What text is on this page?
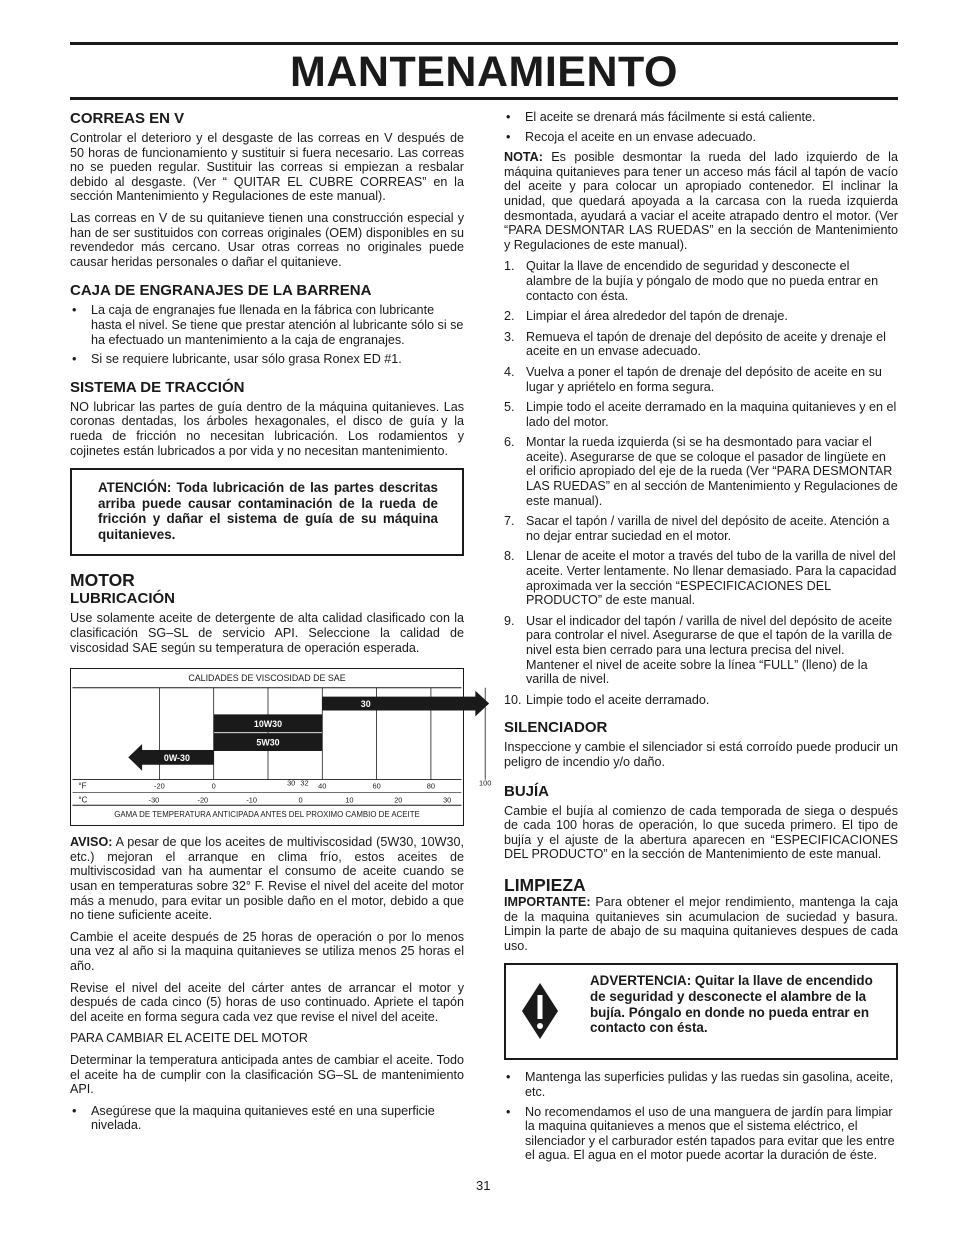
MANTENAMIENTO
CORREAS EN V

Controlar el deterioro y el desgaste de las correas en V después de 50 horas de funcionamiento y sustituir si fuera necesario. Las correas no se pueden regular. Sustituir las correas si empiezan a resbalar debido al desgaste. (Ver “ QUITAR EL CUBRE CORREAS” en la sección Mantenimiento y Regulaciones de este manual).

Las correas en V de su quitanieve tienen una construcción especial y han de ser sustituidos con correas originales (OEM) disponibles en su revendedor más cercano. Usar otras correas no originales puede causar heridas personales o dañar el quitanieve.

CAJA DE ENGRANAJES DE LA BARRENA
• La caja de engranajes fue llenada en la fábrica con lubricante hasta el nivel. Se tiene que prestar atención al lubricante sólo si se ha efectuado un mantenimiento a la caja de engranajes.
• Si se requiere lubricante, usar sólo grasa Ronex ED #1.
SISTEMA DE TRACCIÓN

NO lubricar las partes de guía dentro de la máquina quitanieves. Las coronas dentadas, los árboles hexagonales, el disco de guía y la rueda de fricción no necesitan lubricación. Los rodamientos y cojinetes están lubricados a por vida y no necesitan mantenimiento.

ATENCIÓN: Toda lubricación de las partes descritas arriba puede causar contaminación de la rueda de fricción y dañar el sistema de guía de su máquina quitanieves.

MOTOR
LUBRICACIÓN

Use solamente aceite de detergente de alta calidad clasificado con la clasificación SG–SL de servicio API. Seleccione la calidad de viscosidad SAE según su temperatura de operación esperada.

CALIDADES DE VISCOSIDAD DE SAE
0W-30
10W30
5W30
30
°F	-20	0	30 32 40	60	80	100
°C	-30	-20	-10	0	10	20	30
GAMA DE TEMPERATURA ANTICIPADA ANTES DEL PROXIMO CAMBIO DE ACEITE

AVISO: A pesar de que los aceites de multiviscosidad (5W30, 10W30, etc.) mejoran el arranque en clima frío, estos aceites de multiviscosidad van ha aumentar el consumo de aceite cuando se usan en temperaturas sobre 32° F. Revise el nivel del aceite del motor más a menudo, para evitar un posible daño en el motor, debido a que no tiene suficiente aceite.

Cambie el aceite después de 25 horas de operación o por lo menos una vez al año si la maquina quitanieves se utiliza menos 25 horas el año.

Revise el nivel del aceite del cárter antes de arrancar el motor y después de cada cinco (5) horas de uso continuado. Apriete el tapón del aceite en forma segura cada vez que revise el nivel del aceite.

PARA CAMBIAR EL ACEITE DEL MOTOR

Determinar la temperatura anticipada antes de cambiar el aceite. Todo el aceite ha de cumplir con la clasificación SG–SL de mantenimiento API.

• Asegúrese que la maquina quitanieves esté en una superficie nivelada.
• El aceite se drenará más fácilmente si está caliente.
• Recoja el aceite en un envase adecuado.

NOTA: Es posible desmontar la rueda del lado izquierdo de la máquina quitanieves para tener un acceso más fácil al tapón de vacío del aceite y para colocar un apropiado contenedor. El inclinar la unidad, que quedará apoyada a la carcasa con la rueda izquierda desmontada, ayudará a vaciar el aceite atrapado dentro el motor. (Ver “PARA DESMONTAR LAS RUEDAS” en la sección de Mantenimiento y Regulaciones de este manual).

1. Quitar la llave de encendido de seguridad y desconecte el alambre de la bujía y póngalo de modo que no pueda entrar en contacto con ésta.
2. Limpiar el área alrededor del tapón de drenaje.
3. Remueva el tapón de drenaje del depósito de aceite y drenaje el aceite en un envase adecuado.
4. Vuelva a poner el tapón de drenaje del depósito de aceite en su lugar y apriételo en forma segura.
5. Limpie todo el aceite derramado en la maquina quitanieves y en el lado del motor.
6. Montar la rueda izquierda (si se ha desmontado para vaciar el aceite). Asegurarse de que se coloque el pasador de lingüete en el orificio apropiado del eje de la rueda (Ver “PARA DESMONTAR LAS RUEDAS” en al sección de Mantenimiento y Regulaciones de este manual).
7. Sacar el tapón / varilla de nivel del depósito de aceite. Atención a no dejar entrar suciedad en el motor.
8. Llenar de aceite el motor a través del tubo de la varilla de nivel del aceite. Verter lentamente. No llenar demasiado. Para la capacidad aproximada ver la sección “ESPECIFICACIONES DEL PRODUCTO” de este manual.
9. Usar el indicador del tapón / varilla de nivel del depósito de aceite para controlar el nivel. Asegurarse de que el tapón de la varilla de nivel esta bien cerrado para una lectura precisa del nivel. Mantener el nivel de aceite sobre la línea “FULL” (lleno) de la varilla de nivel.
10. Limpie todo el aceite derramado.
SILENCIADOR

Inspeccione y cambie el silenciador si está corroído puede producir un peligro de incendio y/o daño.

BUJÍA

Cambie el bujía al comienzo de cada temporada de siega o después de cada 100 horas de operación, lo que suceda primero. El tipo de bujía y el ajuste de la abertura aparecen en “ESPECIFICACIONES DEL PRODUCTO” en la sección de Mantenimiento de este manual.

LIMPIEZA

IMPORTANTE: Para obtener el mejor rendimiento, mantenga la caja de la maquina quitanieves sin acumulacion de suciedad y basura. Limpin la parte de abajo de su maquina quitanieves despues de cada uso.

ADVERTENCIA: Quitar la llave de encendido de seguridad y desconecte el alambre de la bujía. Póngalo en donde no pueda entrar en contacto con ésta.
• Mantenga las superficies pulidas y las ruedas sin gasolina, aceite, etc.
• No recomendamos el uso de una manguera de jardín para limpiar la maquina quitanieves a menos que el sistema eléctrico, el silenciador y el carburador estén tapados para evitar que les entre el agua. El agua en el motor puede acortar la duración de éste.
31
